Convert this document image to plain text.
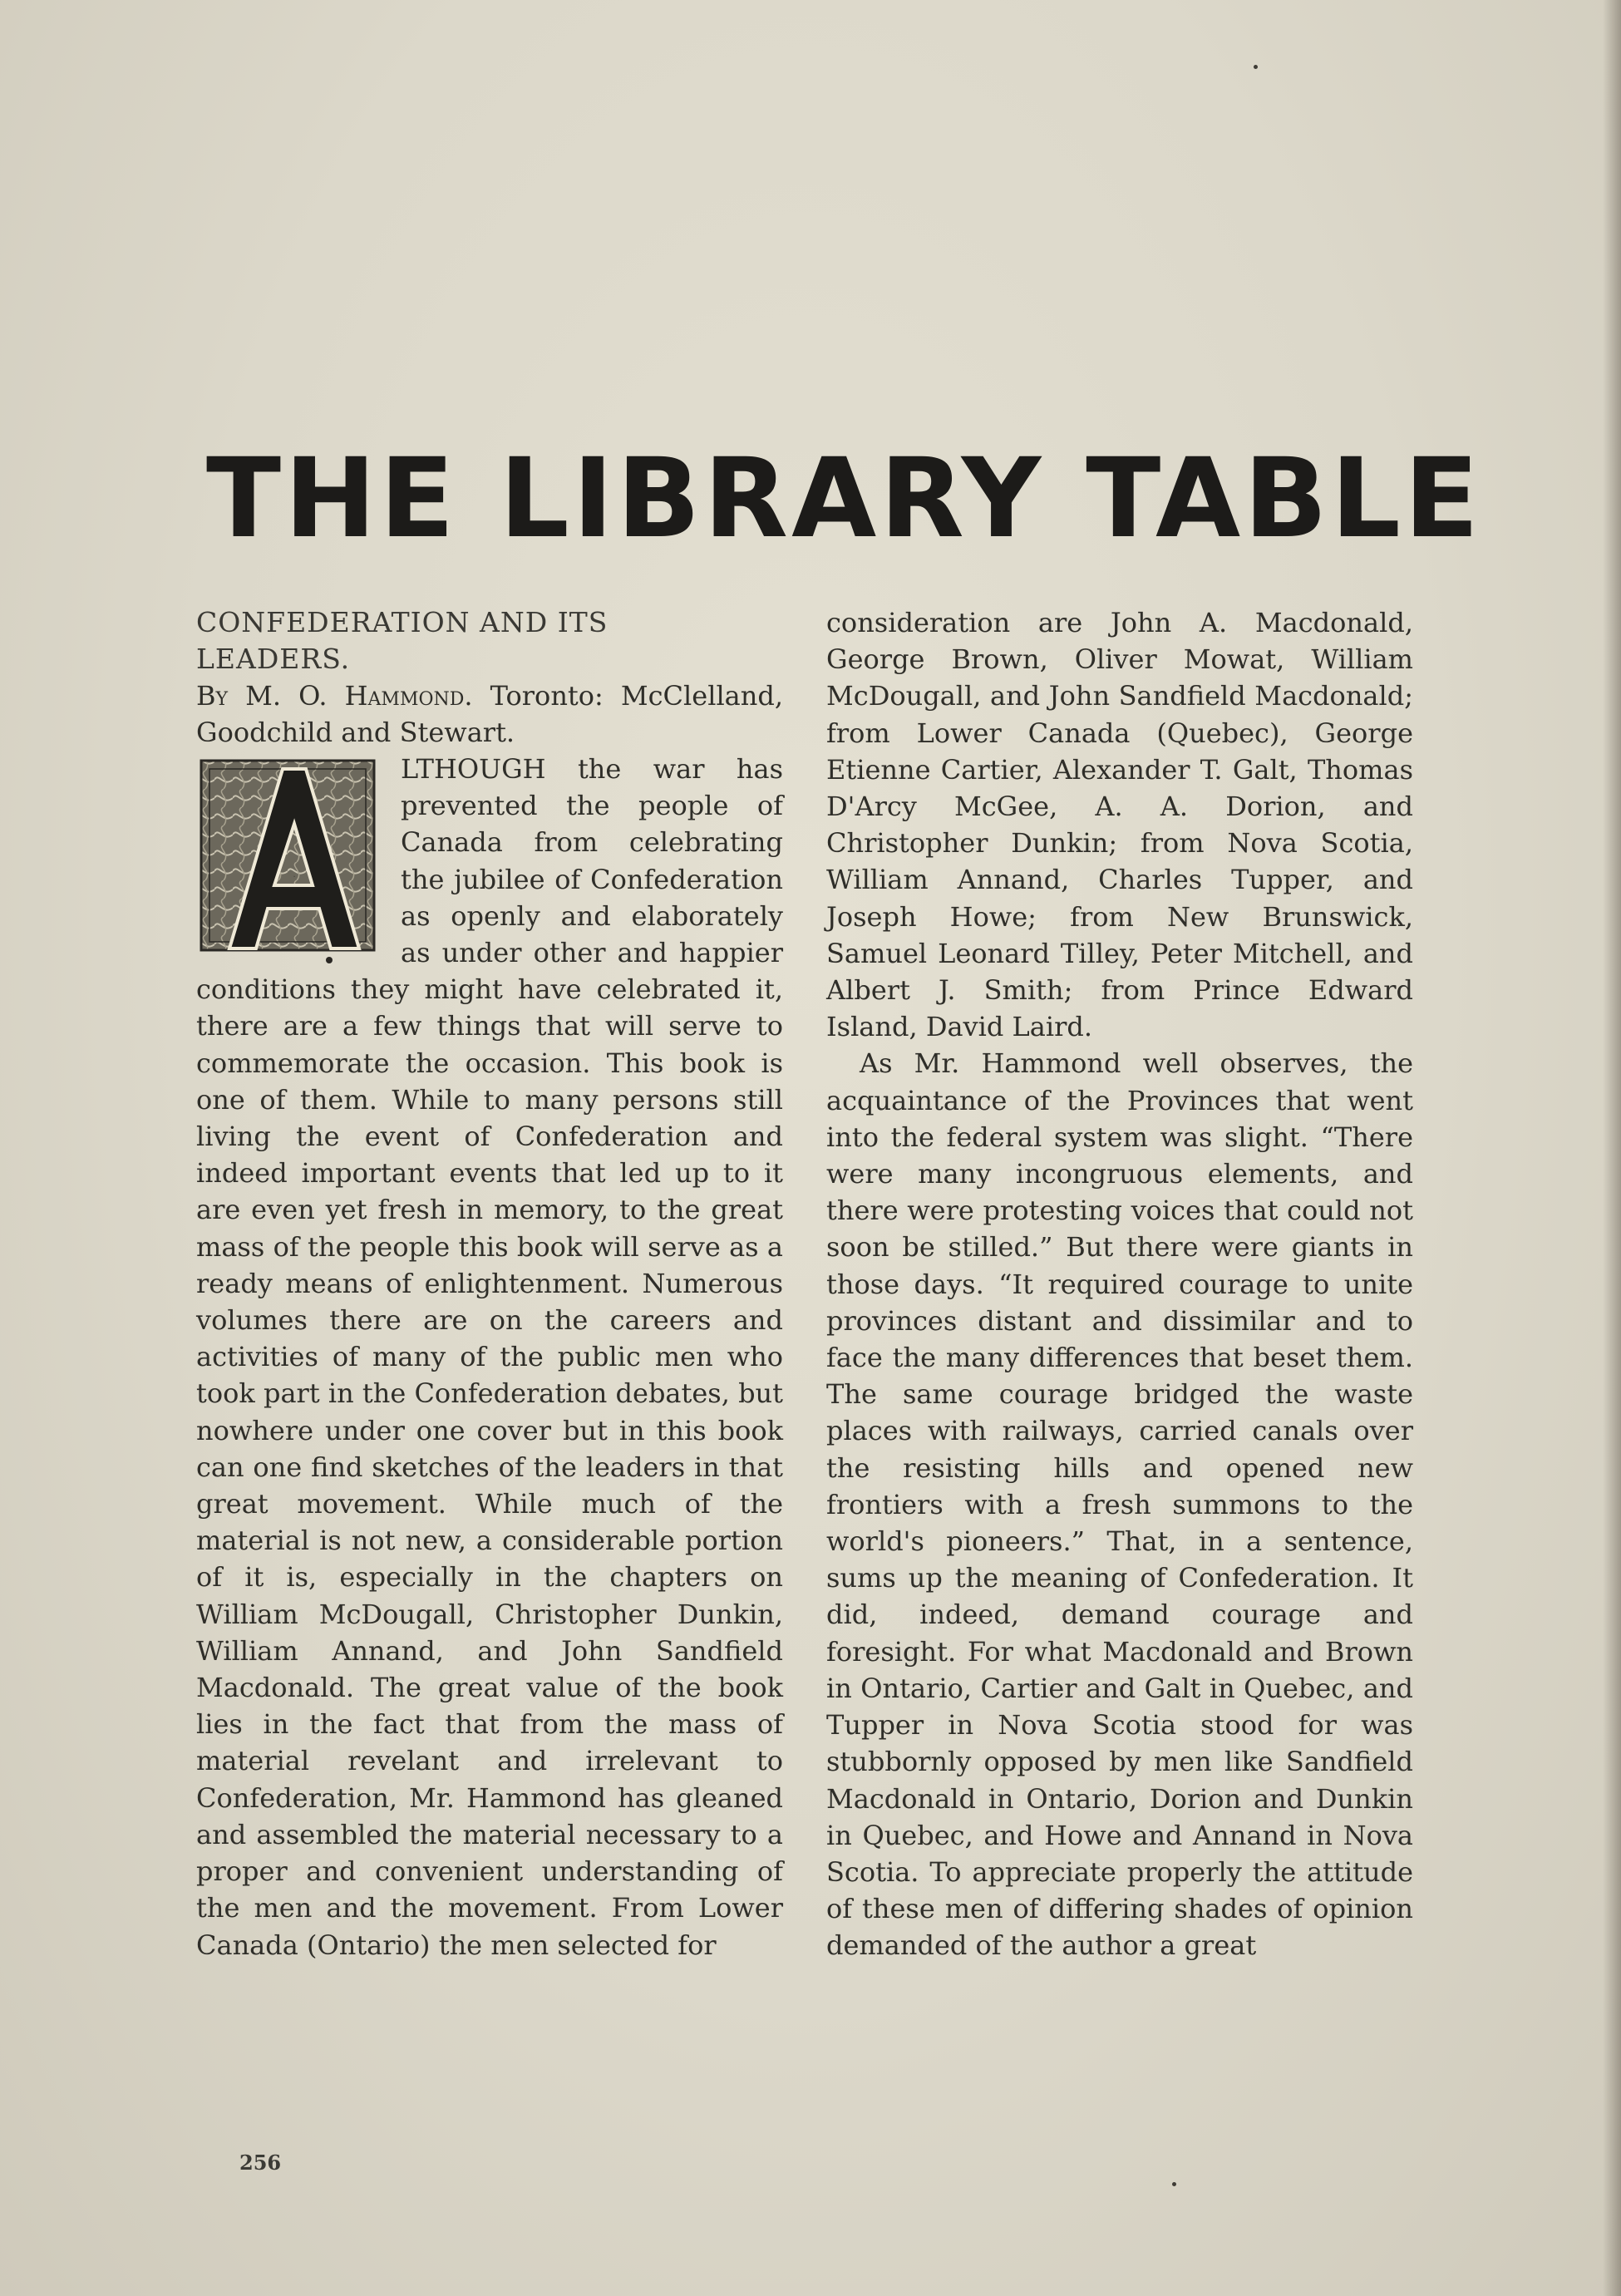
THE LIBRARY TABLE

CONFEDERATION AND ITS

LEADERS.

By M. O. Hammond. Toronto: McClelland, Goodchild and Stewart.

A

LTHOUGH the war has prevented the people of Canada from celebrating the jubilee of Confederation as openly and elaborately as under other and happier conditions they might have celebrated it, there are a few things that will serve to commemorate the occasion. This book is one of them. While to many persons still living the event of Confederation and indeed important events that led up to it are even yet fresh in memory, to the great mass of the people this book will serve as a ready means of enlightenment. Numerous volumes there are on the careers and activities of many of the public men who took part in the Confederation debates, but nowhere under one cover but in this book can one find sketches of the leaders in that great movement. While much of the material is not new, a considerable portion of it is, especially in the chapters on William McDougall, Christopher Dunkin, William Annand, and John Sandfield Macdonald. The great value of the book lies in the fact that from the mass of material revelant and irrelevant to Confederation, Mr. Hammond has gleaned and assembled the material necessary to a proper and convenient understanding of the men and the movement. From Lower Canada (Ontario) the men selected for

consideration are John A. Macdonald, George Brown, Oliver Mowat, William McDougall, and John Sandfield Macdonald; from Lower Canada (Quebec), George Etienne Cartier, Alexander T. Galt, Thomas D'Arcy McGee, A. A. Dorion, and Christopher Dunkin; from Nova Scotia, William Annand, Charles Tupper, and Joseph Howe; from New Brunswick, Samuel Leonard Tilley, Peter Mitchell, and Albert J. Smith; from Prince Edward Island, David Laird.

As Mr. Hammond well observes, the acquaintance of the Provinces that went into the federal system was slight. “There were many incongruous elements, and there were protesting voices that could not soon be stilled.” But there were giants in those days. “It required courage to unite provinces distant and dissimilar and to face the many differences that beset them. The same courage bridged the waste places with railways, carried canals over the resisting hills and opened new frontiers with a fresh summons to the world's pioneers.” That, in a sentence, sums up the meaning of Confederation. It did, indeed, demand courage and foresight. For what Macdonald and Brown in Ontario, Cartier and Galt in Quebec, and Tupper in Nova Scotia stood for was stubbornly opposed by men like Sandfield Macdonald in Ontario, Dorion and Dunkin in Quebec, and Howe and Annand in Nova Scotia. To appreciate properly the attitude of these men of differing shades of opinion demanded of the author a great

256
